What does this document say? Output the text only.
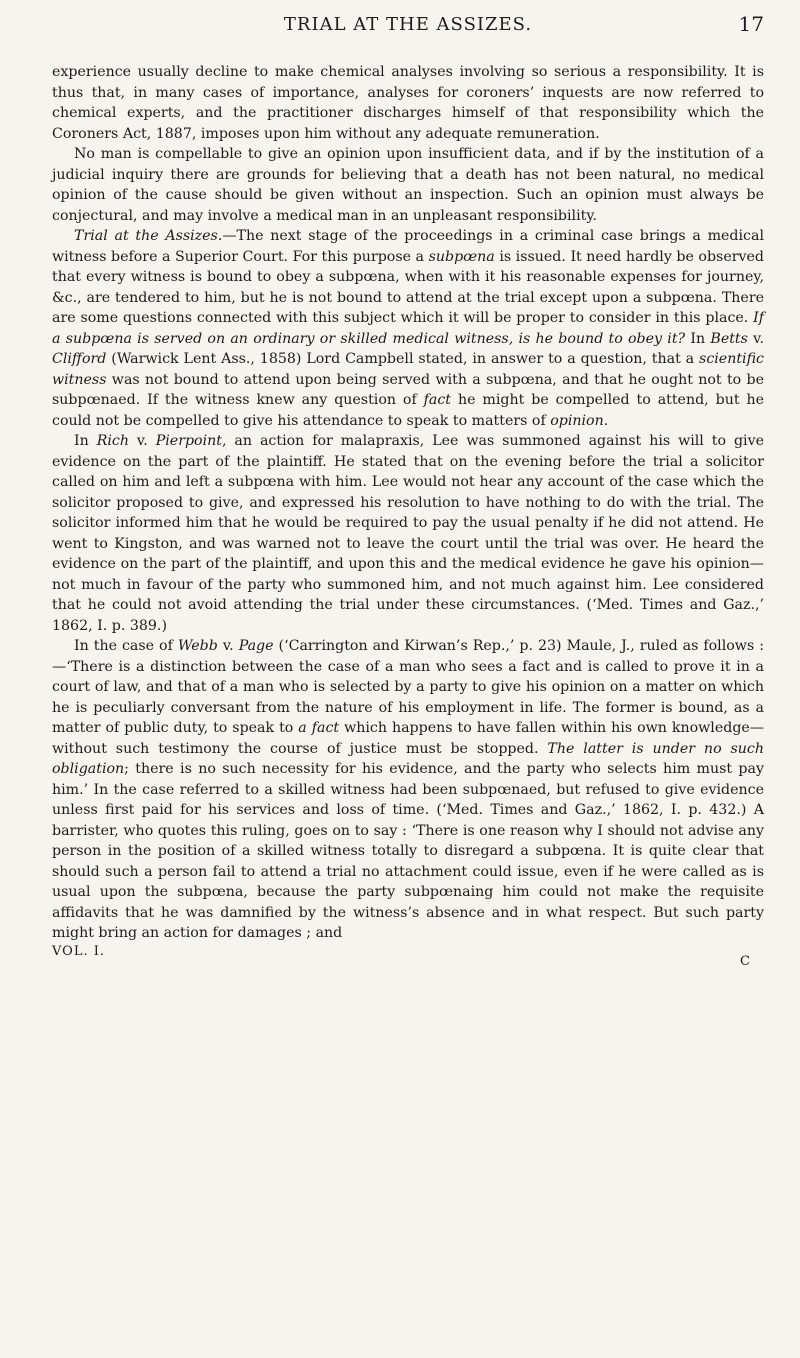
TRIAL AT THE ASSIZES.	17

experience usually decline to make chemical analyses involving so serious a responsibility. It is thus that, in many cases of importance, analyses for coroners’ inquests are now referred to chemical experts, and the practitioner discharges himself of that responsibility which the Coroners Act, 1887, imposes upon him without any adequate remuneration.

No man is compellable to give an opinion upon insufficient data, and if by the institution of a judicial inquiry there are grounds for believing that a death has not been natural, no medical opinion of the cause should be given without an inspection. Such an opinion must always be conjectural, and may involve a medical man in an unpleasant responsibility.

Trial at the Assizes.—The next stage of the proceedings in a criminal case brings a medical witness before a Superior Court. For this purpose a subpœna is issued. It need hardly be observed that every witness is bound to obey a subpœna, when with it his reasonable expenses for journey, &c., are tendered to him, but he is not bound to attend at the trial except upon a subpœna. There are some questions connected with this subject which it will be proper to consider in this place. If a subpœna is served on an ordinary or skilled medical witness, is he bound to obey it? In Betts v. Clifford (Warwick Lent Ass., 1858) Lord Campbell stated, in answer to a question, that a scientific witness was not bound to attend upon being served with a subpœna, and that he ought not to be subpœnaed. If the witness knew any question of fact he might be compelled to attend, but he could not be compelled to give his attendance to speak to matters of opinion.

In Rich v. Pierpoint, an action for malapraxis, Lee was summoned against his will to give evidence on the part of the plaintiff. He stated that on the evening before the trial a solicitor called on him and left a subpœna with him. Lee would not hear any account of the case which the solicitor proposed to give, and expressed his resolution to have nothing to do with the trial. The solicitor informed him that he would be required to pay the usual penalty if he did not attend. He went to Kingston, and was warned not to leave the court until the trial was over. He heard the evidence on the part of the plaintiff, and upon this and the medical evidence he gave his opinion—not much in favour of the party who summoned him, and not much against him. Lee considered that he could not avoid attending the trial under these circumstances. (‘Med. Times and Gaz.,’ 1862, I. p. 389.)

In the case of Webb v. Page (‘Carrington and Kirwan’s Rep.,’ p. 23) Maule, J., ruled as follows :—‘There is a distinction between the case of a man who sees a fact and is called to prove it in a court of law, and that of a man who is selected by a party to give his opinion on a matter on which he is peculiarly conversant from the nature of his employment in life. The former is bound, as a matter of public duty, to speak to a fact which happens to have fallen within his own knowledge—without such testimony the course of justice must be stopped. The latter is under no such obligation; there is no such necessity for his evidence, and the party who selects him must pay him.’ In the case referred to a skilled witness had been subpœnaed, but refused to give evidence unless first paid for his services and loss of time. (‘Med. Times and Gaz.,’ 1862, I. p. 432.) A barrister, who quotes this ruling, goes on to say : ‘There is one reason why I should not advise any person in the position of a skilled witness totally to disregard a subpœna. It is quite clear that should such a person fail to attend a trial no attachment could issue, even if he were called as is usual upon the subpœna, because the party subpœnaing him could not make the requisite affidavits that he was damnified by the witness’s absence and in what respect. But such party might bring an action for damages ; and

VOL. I.
C
